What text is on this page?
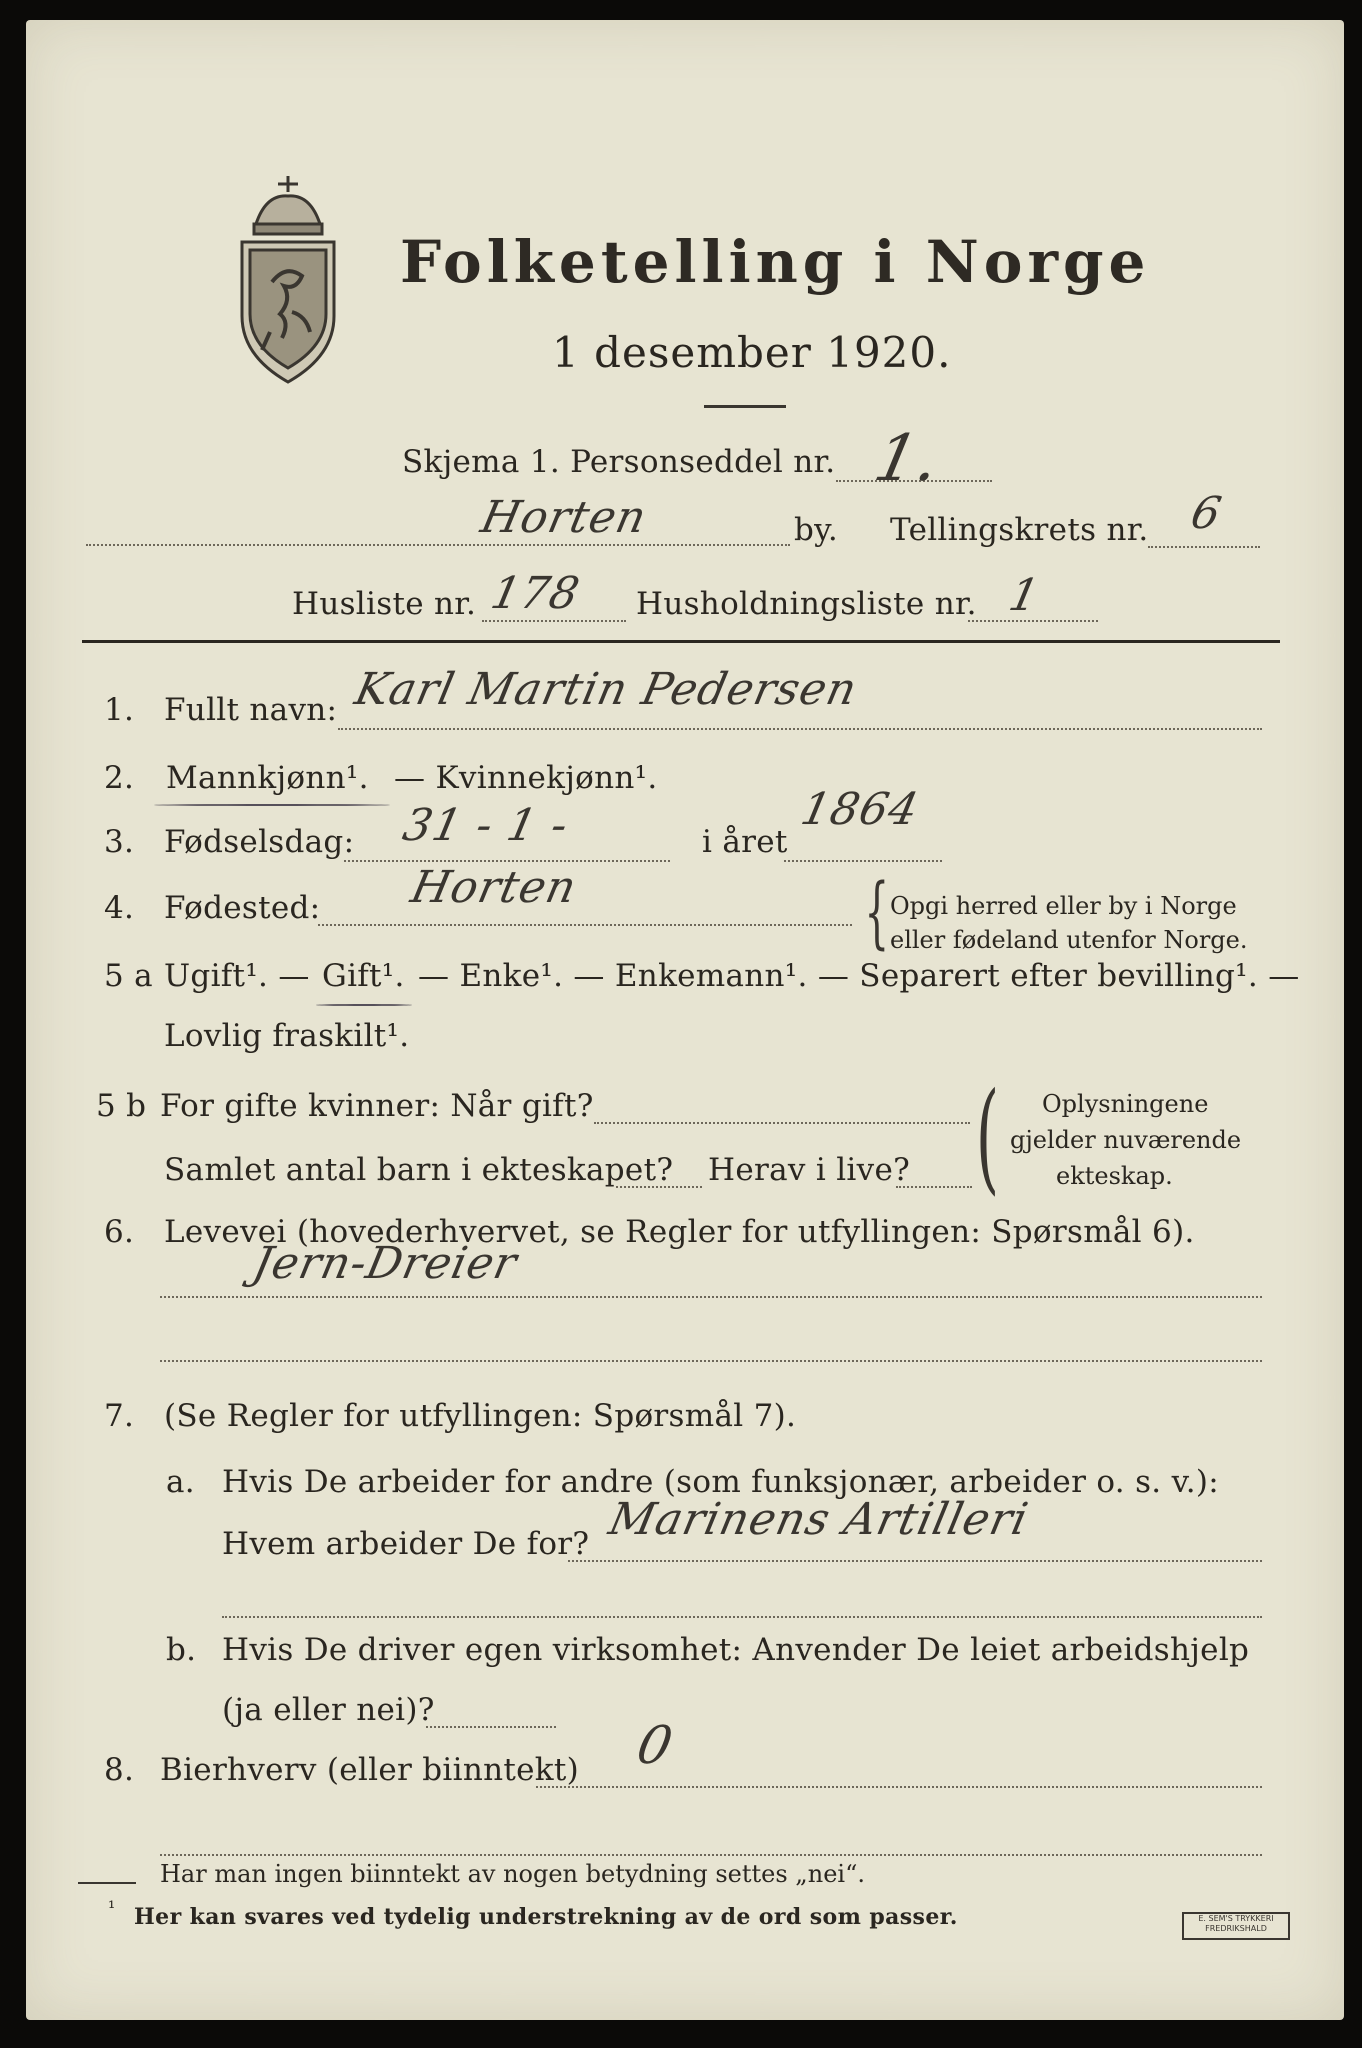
Folketelling i Norge
1 desember 1920.
Skjema 1. Personseddel nr. 1.
Horten	by. Tellingskrets nr. 6
Husliste nr. 178 Husholdningsliste nr. 1
1. Fullt navn: Karl Martin Pedersen
2. Mannkjønn¹. — Kvinnekjønn¹.
3. Fødselsdag: 31 - 1 -	i året
1864
4. Fødested: Horten	{ Opgi herred eller by i Norge
eller fødeland utenfor Norge.
5 a Ugift¹. — Gift¹. — Enke¹. — Enkemann¹. — Separert efter bevilling¹. —
Lovlig fraskilt¹.
5 b For gifte kvinner: Når gift?
Samlet antal barn i ekteskapet? Herav i live? ( Oplysningene
gjelder nuværende
ekteskap.
6. Levevei (hovederhvervet, se Regler for utfyllingen: Spørsmål 6).
Jern-Dreier
7. (Se Regler for utfyllingen: Spørsmål 7).
a. Hvis De arbeider for andre (som funksjonær, arbeider o. s. v.):
Hvem arbeider De for? Marinens Artilleri
b. Hvis De driver egen virksomhet: Anvender De leiet arbeidshjelp
(ja eller nei)?
8. Bierhverv (eller biinntekt) 0
Har man ingen biinntekt av nogen betydning settes „nei“.
¹ Her kan svares ved tydelig understrekning av de ord som passer.	E. SEM'S TRYKKERI
FREDRIKSHALD
